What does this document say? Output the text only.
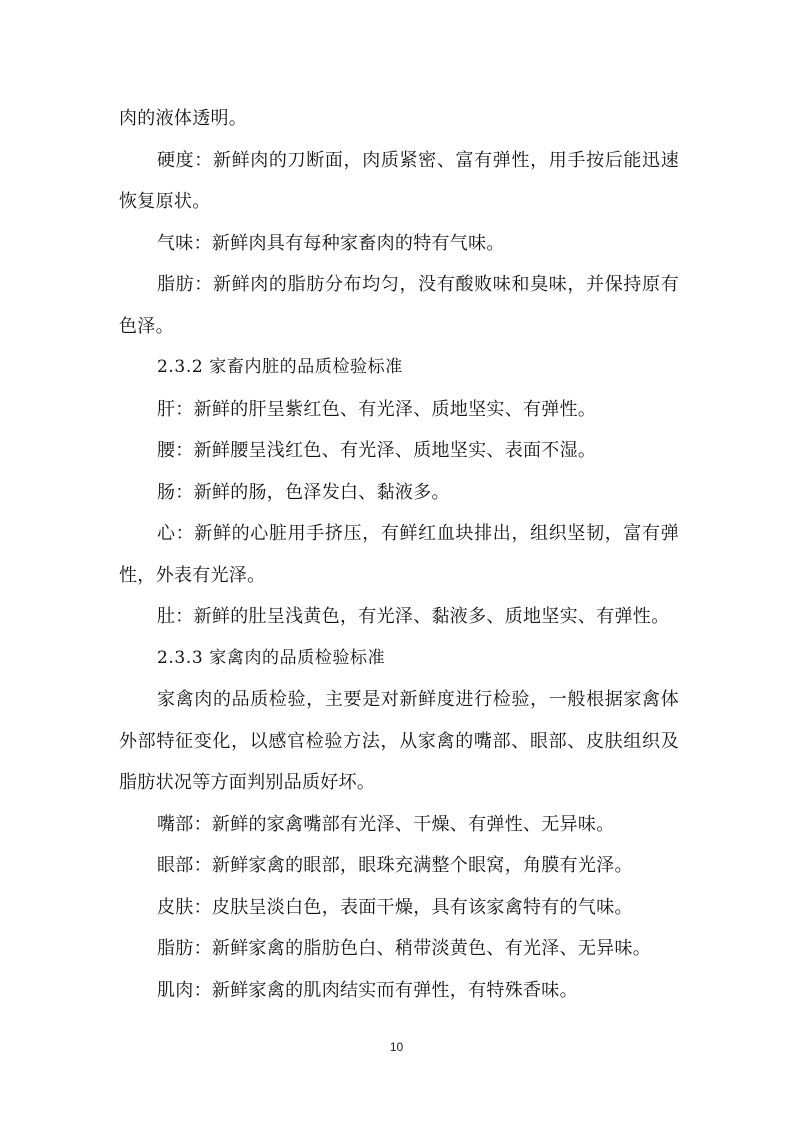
肉的液体透明。

硬度：新鲜肉的刀断面，肉质紧密、富有弹性，用手按后能迅速恢复原状。

气味：新鲜肉具有每种家畜肉的特有气味。

脂肪：新鲜肉的脂肪分布均匀，没有酸败味和臭味，并保持原有色泽。

2.3.2 家畜内脏的品质检验标准

肝：新鲜的肝呈紫红色、有光泽、质地坚实、有弹性。

腰：新鲜腰呈浅红色、有光泽、质地坚实、表面不湿。

肠：新鲜的肠，色泽发白、黏液多。

心：新鲜的心脏用手挤压，有鲜红血块排出，组织坚韧，富有弹性，外表有光泽。

肚：新鲜的肚呈浅黄色，有光泽、黏液多、质地坚实、有弹性。

2.3.3 家禽肉的品质检验标准

家禽肉的品质检验，主要是对新鲜度进行检验，一般根据家禽体外部特征变化，以感官检验方法，从家禽的嘴部、眼部、皮肤组织及脂肪状况等方面判别品质好坏。

嘴部：新鲜的家禽嘴部有光泽、干燥、有弹性、无异味。

眼部：新鲜家禽的眼部，眼珠充满整个眼窝，角膜有光泽。

皮肤：皮肤呈淡白色，表面干燥，具有该家禽特有的气味。

脂肪：新鲜家禽的脂肪色白、稍带淡黄色、有光泽、无异味。

肌肉：新鲜家禽的肌肉结实而有弹性，有特殊香味。

10
